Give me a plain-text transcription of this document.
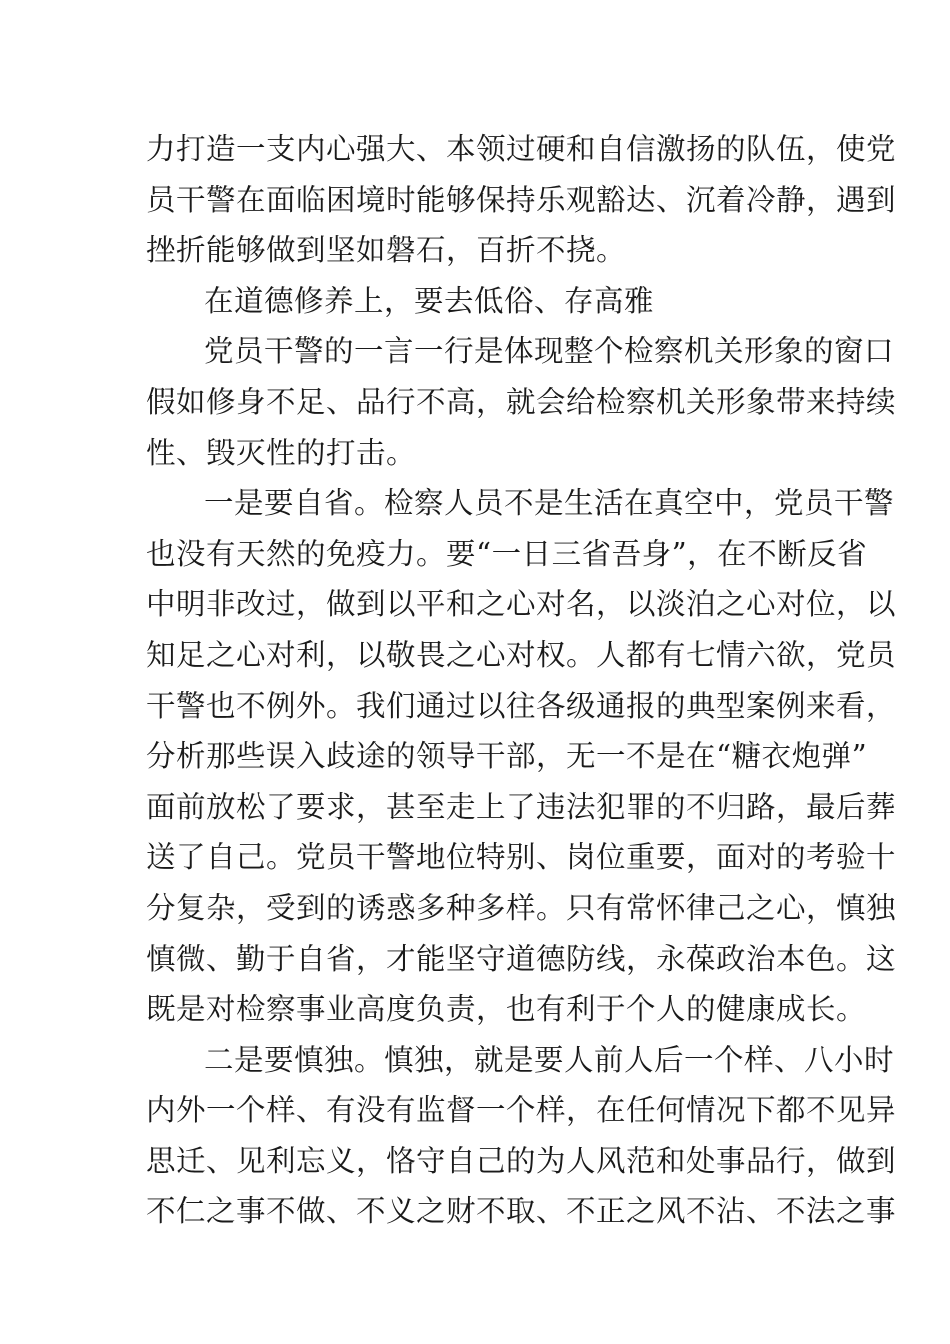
力打造一支内心强大、本领过硬和自信激扬的队伍，使党
员干警在面临困境时能够保持乐观豁达、沉着冷静，遇到
挫折能够做到坚如磐石，百折不挠。
在道德修养上，要去低俗、存高雅
党员干警的一言一行是体现整个检察机关形象的窗口
假如修身不足、品行不高，就会给检察机关形象带来持续
性、毁灭性的打击。
一是要自省。检察人员不是生活在真空中，党员干警
也没有天然的免疫力。要“一日三省吾身”，在不断反省
中明非改过，做到以平和之心对名，以淡泊之心对位，以
知足之心对利，以敬畏之心对权。人都有七情六欲，党员
干警也不例外。我们通过以往各级通报的典型案例来看，
分析那些误入歧途的领导干部，无一不是在“糖衣炮弹”
面前放松了要求，甚至走上了违法犯罪的不归路，最后葬
送了自己。党员干警地位特别、岗位重要，面对的考验十
分复杂，受到的诱惑多种多样。只有常怀律己之心，慎独
慎微、勤于自省，才能坚守道德防线，永葆政治本色。这
既是对检察事业高度负责，也有利于个人的健康成长。
二是要慎独。慎独，就是要人前人后一个样、八小时
内外一个样、有没有监督一个样，在任何情况下都不见异
思迁、见利忘义，恪守自己的为人风范和处事品行，做到
不仁之事不做、不义之财不取、不正之风不沾、不法之事
